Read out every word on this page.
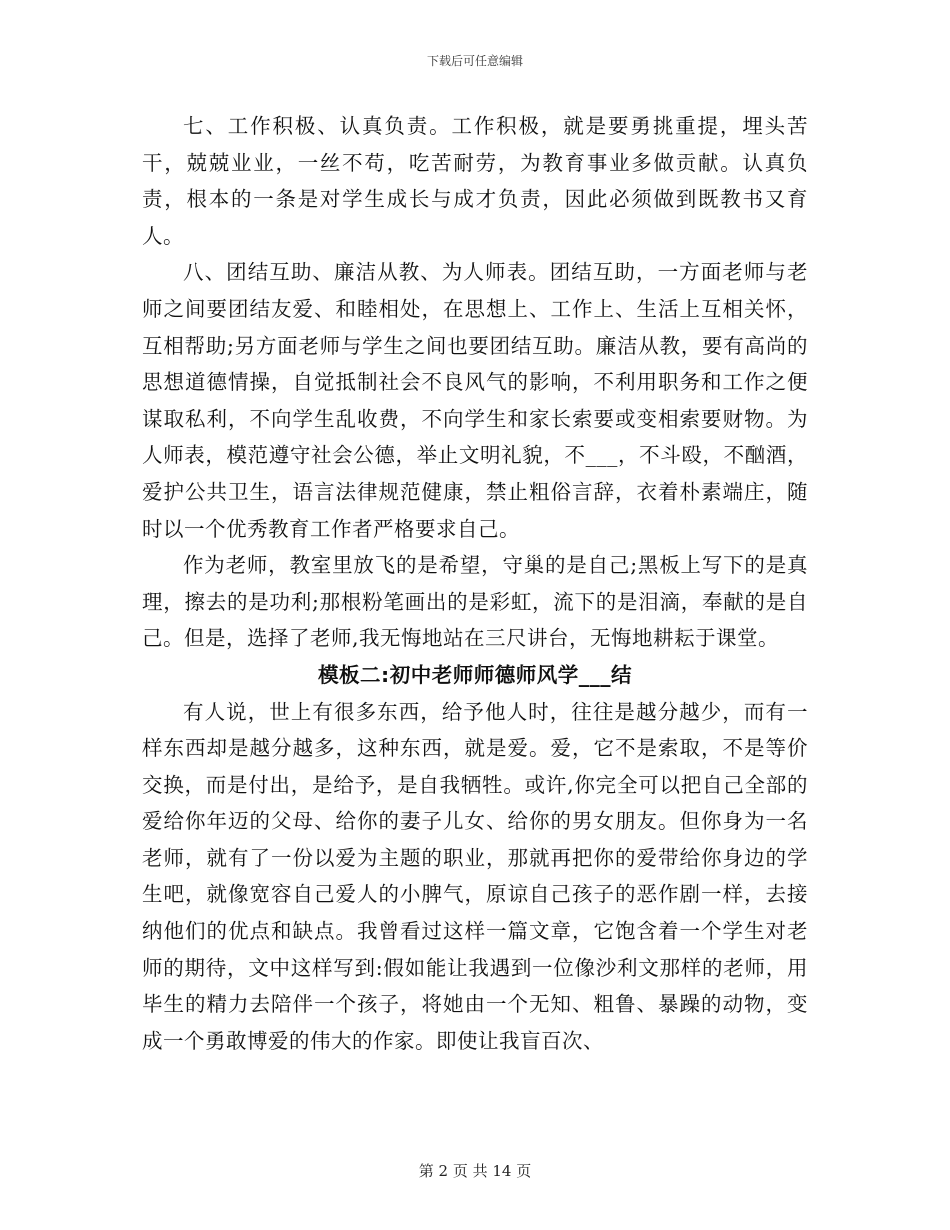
下载后可任意编辑

七、工作积极、认真负责。工作积极，就是要勇挑重提，埋头苦干，兢兢业业，一丝不苟，吃苦耐劳，为教育事业多做贡献。认真负责，根本的一条是对学生成长与成才负责，因此必须做到既教书又育人。

八、团结互助、廉洁从教、为人师表。团结互助，一方面老师与老师之间要团结友爱、和睦相处，在思想上、工作上、生活上互相关怀，互相帮助;另方面老师与学生之间也要团结互助。廉洁从教，要有高尚的思想道德情操，自觉抵制社会不良风气的影响，不利用职务和工作之便谋取私利，不向学生乱收费，不向学生和家长索要或变相索要财物。为人师表，模范遵守社会公德，举止文明礼貌，不___，不斗殴，不酗酒，爱护公共卫生，语言法律规范健康，禁止粗俗言辞，衣着朴素端庄，随时以一个优秀教育工作者严格要求自己。

作为老师，教室里放飞的是希望，守巢的是自己;黑板上写下的是真理，擦去的是功利;那根粉笔画出的是彩虹，流下的是泪滴，奉献的是自己。但是，选择了老师,我无悔地站在三尺讲台，无悔地耕耘于课堂。

模板二:初中老师师德师风学___结

有人说，世上有很多东西，给予他人时，往往是越分越少，而有一样东西却是越分越多，这种东西，就是爱。爱，它不是索取，不是等价交换，而是付出，是给予，是自我牺牲。或许,你完全可以把自己全部的爱给你年迈的父母、给你的妻子儿女、给你的男女朋友。但你身为一名老师，就有了一份以爱为主题的职业，那就再把你的爱带给你身边的学生吧，就像宽容自己爱人的小脾气，原谅自己孩子的恶作剧一样，去接纳他们的优点和缺点。我曾看过这样一篇文章，它饱含着一个学生对老师的期待，文中这样写到:假如能让我遇到一位像沙利文那样的老师，用毕生的精力去陪伴一个孩子，将她由一个无知、粗鲁、暴躁的动物，变成一个勇敢博爱的伟大的作家。即使让我盲百次、

第 2 页 共 14 页
